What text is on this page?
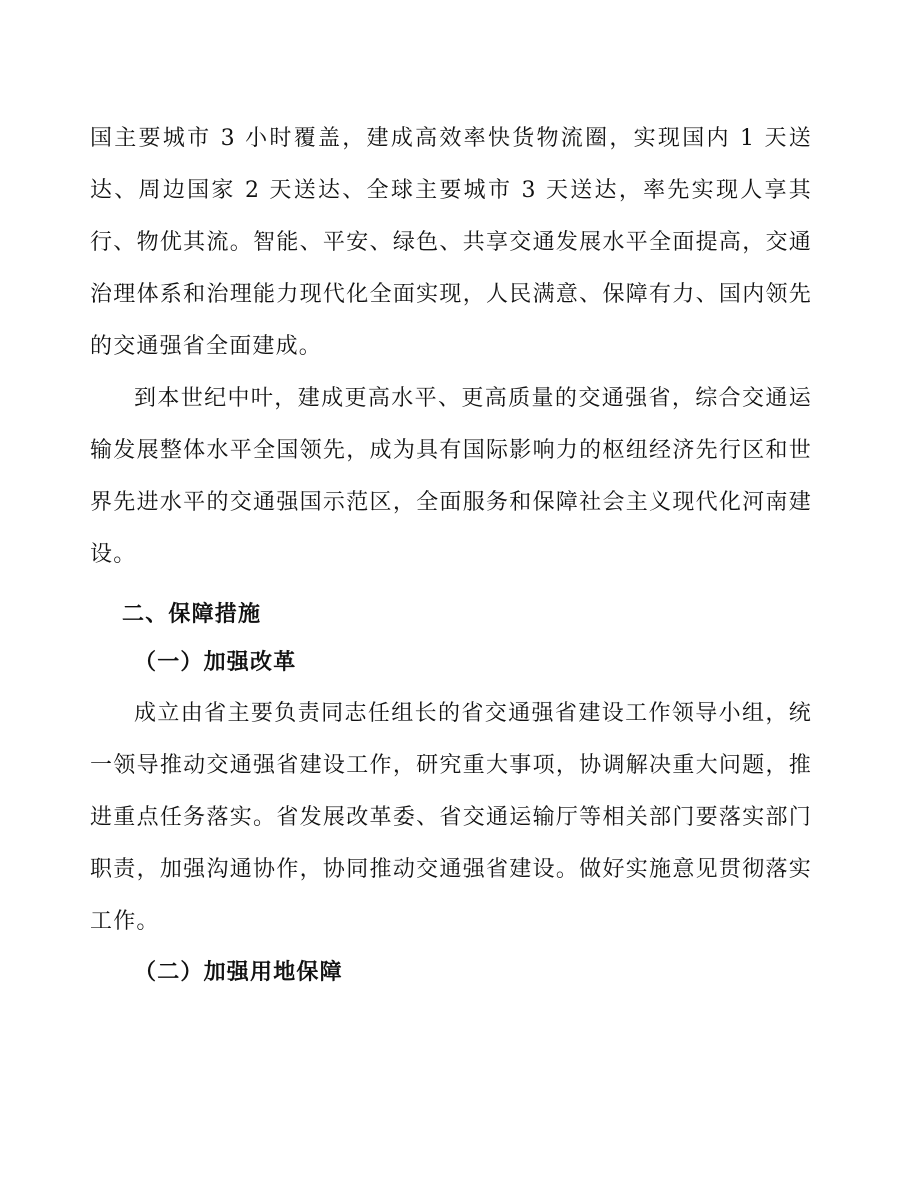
国主要城市 3 小时覆盖，建成高效率快货物流圈，实现国内 1 天送达、周边国家 2 天送达、全球主要城市 3 天送达，率先实现人享其行、物优其流。智能、平安、绿色、共享交通发展水平全面提高，交通治理体系和治理能力现代化全面实现，人民满意、保障有力、国内领先的交通强省全面建成。

到本世纪中叶，建成更高水平、更高质量的交通强省，综合交通运输发展整体水平全国领先，成为具有国际影响力的枢纽经济先行区和世界先进水平的交通强国示范区，全面服务和保障社会主义现代化河南建设。

二、保障措施
（一）加强改革

成立由省主要负责同志任组长的省交通强省建设工作领导小组，统一领导推动交通强省建设工作，研究重大事项，协调解决重大问题，推进重点任务落实。省发展改革委、省交通运输厅等相关部门要落实部门职责，加强沟通协作，协同推动交通强省建设。做好实施意见贯彻落实工作。

（二）加强用地保障
